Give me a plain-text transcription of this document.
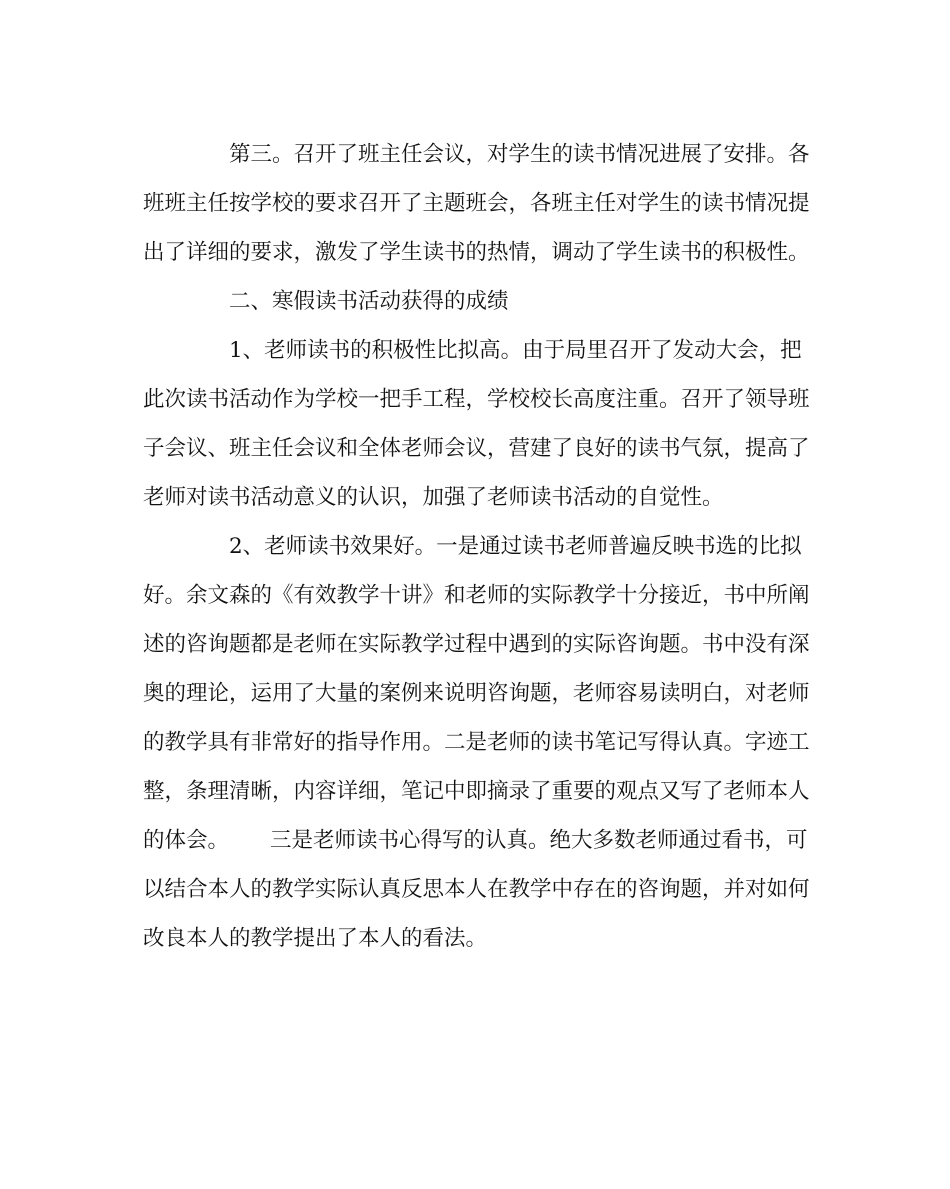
第三。召开了班主任会议，对学生的读书情况进展了安排。各班班主任按学校的要求召开了主题班会，各班主任对学生的读书情况提出了详细的要求，激发了学生读书的热情，调动了学生读书的积极性。

二、寒假读书活动获得的成绩

1、老师读书的积极性比拟高。由于局里召开了发动大会，把此次读书活动作为学校一把手工程，学校校长高度注重。召开了领导班子会议、班主任会议和全体老师会议，营建了良好的读书气氛，提高了老师对读书活动意义的认识，加强了老师读书活动的自觉性。

2、老师读书效果好。一是通过读书老师普遍反映书选的比拟好。余文森的《有效教学十讲》和老师的实际教学十分接近，书中所阐述的咨询题都是老师在实际教学过程中遇到的实际咨询题。书中没有深奥的理论，运用了大量的案例来说明咨询题，老师容易读明白，对老师的教学具有非常好的指导作用。二是老师的读书笔记写得认真。字迹工整，条理清晰，内容详细，笔记中即摘录了重要的观点又写了老师本人的体会。      三是老师读书心得写的认真。绝大多数老师通过看书，可以结合本人的教学实际认真反思本人在教学中存在的咨询题，并对如何改良本人的教学提出了本人的看法。
